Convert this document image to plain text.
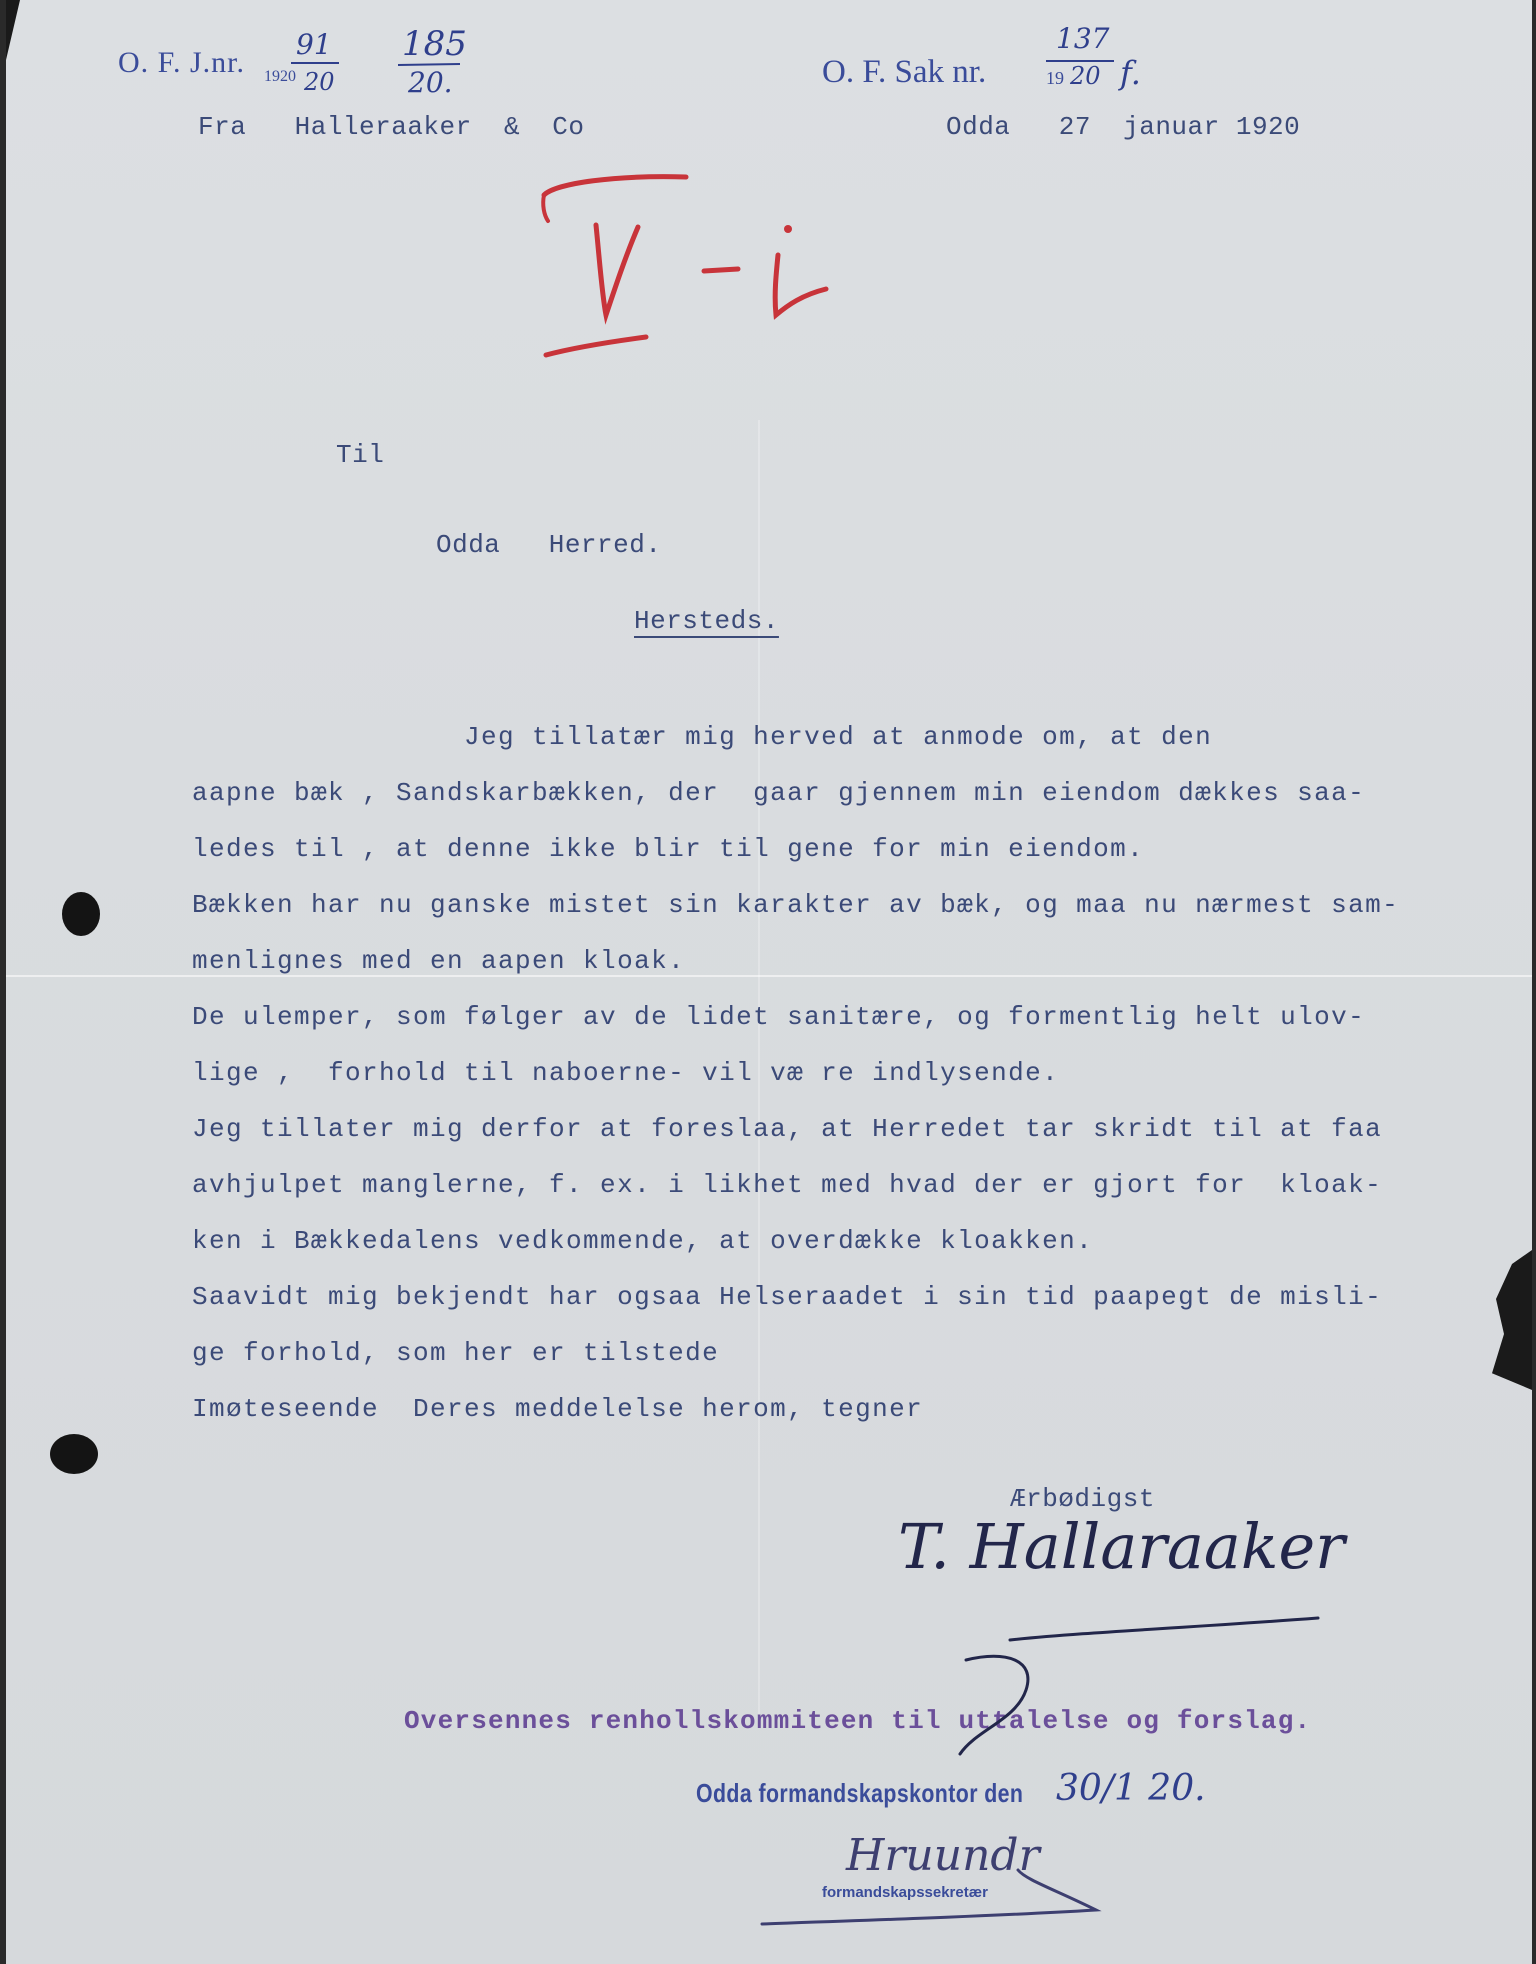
O. F. J.nr. 1920
91
20
185
20.	O. F. Sak nr.	19
137
20 f.
Fra   Halleraaker  &  Co	Odda   27  januar 1920
Til
Odda   Herred.
Hersteds.
Jeg tillatær mig herved at anmode om, at den
aapne bæk , Sandskarbækken, der  gaar gjennem min eiendom dækkes saa-
ledes til , at denne ikke blir til gene for min eiendom.
Bækken har nu ganske mistet sin karakter av bæk, og maa nu nærmest sam-
menlignes med en aapen kloak.
De ulemper, som følger av de lidet sanitære, og formentlig helt ulov-
lige ,  forhold til naboerne- vil væ re indlysende.
Jeg tillater mig derfor at foreslaa, at Herredet tar skridt til at faa
avhjulpet manglerne, f. ex. i likhet med hvad der er gjort for  kloak-
ken i Bækkedalens vedkommende, at overdække kloakken.
Saavidt mig bekjendt har ogsaa Helseraadet i sin tid paapegt de misli-
ge forhold, som her er tilstede
Imøteseende  Deres meddelelse herom, tegner
Ærbødigst
T. Hallaraaker
Oversennes renhollskommiteen til uttalelse og forslag.
Odda formandskapskontor den 30/1 20.
Hruundr
formandskapssekretær
